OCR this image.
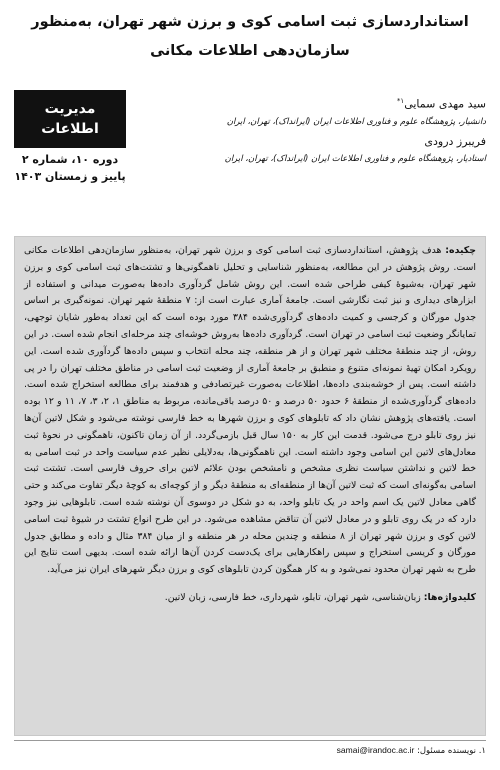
استانداردسازی ثبت اسامی کوی و برزن شهر تهران، به‌منظور سازمان‌دهی اطلاعات مکانی
مدیریت
اطلاعات
دوره ۱۰، شماره ۲
پاییز و زمستان ۱۴۰۳
سید مهدی سمایی$^{۱*}$
دانشیار، پژوهشگاه علوم و فناوری اطلاعات ایران (ایرانداک)، تهران، ایران
فریبرز درودی
استادیار، پژوهشگاه علوم و فناوری اطلاعات ایران (ایرانداک)، تهران، ایران

چکیده: هدف پژوهش، استانداردسازی ثبت اسامی کوی و برزن شهر تهران، به‌منظور سازمان‌دهی اطلاعات مکانی است. روش پژوهش در این مطالعه، به‌منظور شناسایی و تحلیل ناهمگونی‌ها و تشتت‌های ثبت اسامی کوی و برزن شهر تهران، به‌شیوۀ کیفی طراحی شده است. این روش شامل گردآوری داده‌ها به‌صورت میدانی و استفاده از ابزارهای دیداری و نیز ثبت نگارشی است. جامعۀ آماری عبارت است از: ۷ منطقۀ شهر تهران. نمونه‌گیری بر اساس جدول مورگان و کرجسی و کمیت داده‌های گردآوری‌شده ۳۸۴ مورد بوده است که این تعداد به‌طور شایان توجهی، تمایانگر وضعیت ثبت اسامی در تهران است. گردآوری داده‌ها به‌روش خوشه‌ای چند مرحله‌ای انجام شده است. در این روش، از چند منطقۀ مختلف شهر تهران و از هر منطقه، چند محله انتخاب و سپس داده‌ها گردآوری شده است. این رویکرد امکان تهیۀ نمونه‌ای متنوع و منطبق بر جامعۀ آماری از وضعیت ثبت اسامی در مناطق مختلف تهران را در پی داشته است. پس از خوشه‌بندی داده‌ها، اطلاعات به‌صورت غیرتصادفی و هدفمند برای مطالعه استخراج شده است. داده‌های گردآوری‌شده از منطقۀ ۶ حدود ۵۰ درصد و ۵۰ درصد باقی‌مانده، مربوط به مناطق ۱، ۲، ۳، ۷، ۱۱ و ۱۲ بوده است. یافته‌های پژوهش نشان داد که تابلوهای کوی و برزن شهرها به خط فارسی نوشته می‌شود و شکل لاتین آن‌ها نیز روی تابلو درج می‌شود. قدمت این کار به ۱۵۰ سال قبل بازمی‌گردد. از آن زمان تاکنون، ناهمگونی در نحوۀ ثبت معادل‌های لاتین این اسامی وجود داشته است. این ناهمگونی‌ها، به‌دلایلی نظیر عدم سیاست واحد در ثبت اسامی به خط لاتین و نداشتن سیاست نظری مشخص و نامشخص بودن علائم لاتین برای حروف فارسی است. تشتت ثبت اسامی به‌گونه‌ای است که ثبت لاتین آن‌ها از منطقه‌ای به منطقۀ دیگر و از کوچه‌ای به کوچۀ دیگر تفاوت می‌کند و حتی گاهی معادل لاتین یک اسم واحد در یک تابلو واحد، به دو شکل در دوسوی آن نوشته شده است. تابلوهایی نیز وجود دارد که در یک روی تابلو و در معادل لاتین آن تناقض مشاهده می‌شود. در این طرح انواع تشتت در شیوۀ ثبت اسامی لاتین کوی و برزن شهر تهران از ۸ منطقه و چندین محله در هر منطقه و از میان ۳۸۴ مثال و داده و مطابق جدول مورگان و کریسی استخراج و سپس راهکارهایی برای یک‌دست کردن آن‌ها ارائه شده است. بدیهی است نتایج این طرح به شهر تهران محدود نمی‌شود و به کار همگون کردن تابلوهای کوی و برزن دیگر شهرهای ایران نیز می‌آید.

کلیدواژه‌ها: زبان‌شناسی، شهر تهران، تابلو، شهرداری، خط فارسی، زبان لاتین.

۱. نویسنده مسئول: samai@irandoc.ac.ir
